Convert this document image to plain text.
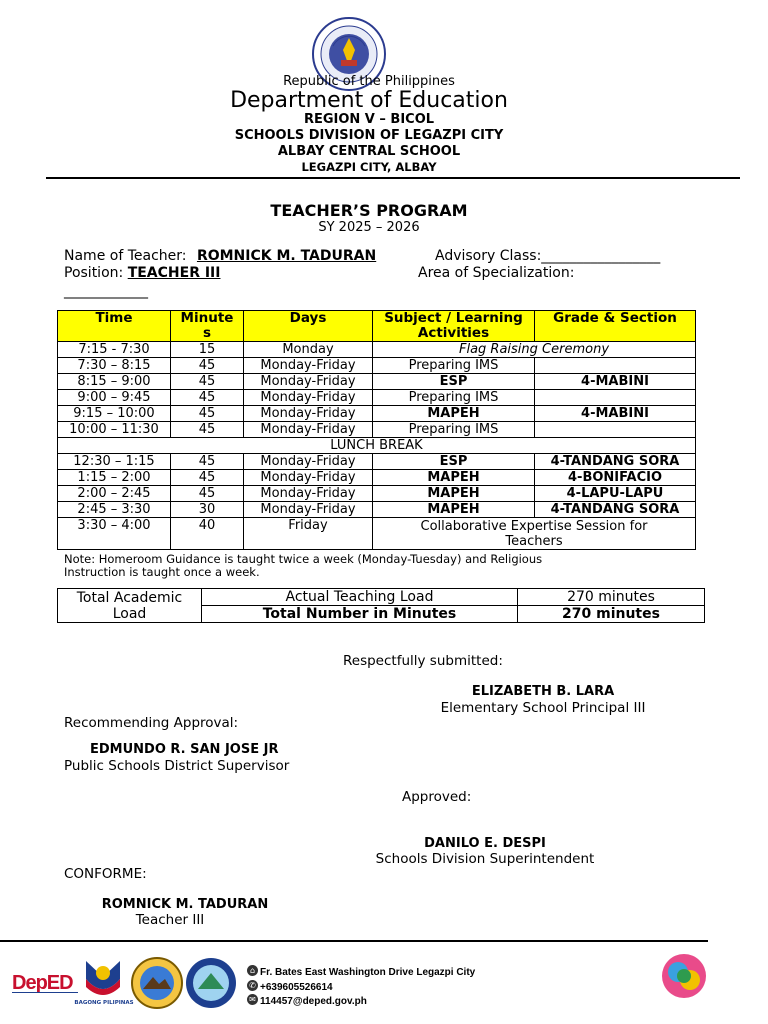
Republic of the Philippines
Department of Education
REGION V – BICOL
SCHOOLS DIVISION OF LEGAZPI CITY
ALBAY CENTRAL SCHOOL
LEGAZPI CITY, ALBAY
TEACHER’S PROGRAM
SY 2025 – 2026
Name of Teacher: ROMNICK M. TADURAN	Advisory Class:_________________
Position: TEACHER III	Area of Specialization:
____________
Time	Minute
s	Days	Subject / Learning
Activities	Grade & Section
7:15 - 7:30	15	Monday	Flag Raising Ceremony	
7:30 – 8:15	45	Monday-Friday	Preparing IMS	
8:15 – 9:00	45	Monday-Friday	ESP	4-MABINI
9:00 – 9:45	45	Monday-Friday	Preparing IMS	
9:15 – 10:00	45	Monday-Friday	MAPEH	4-MABINI
10:00 – 11:30	45	Monday-Friday	Preparing IMS	
LUNCH BREAK				
12:30 – 1:15	45	Monday-Friday	ESP	4-TANDANG SORA
1:15 – 2:00	45	Monday-Friday	MAPEH	4-BONIFACIO
2:00 – 2:45	45	Monday-Friday	MAPEH	4-LAPU-LAPU
2:45 – 3:30	30	Monday-Friday	MAPEH	4-TANDANG SORA
3:30 – 4:00	40	Friday	Collaborative Expertise Session for
Teachers	
Note: Homeroom Guidance is taught twice a week (Monday-Tuesday) and Religious
Instruction is taught once a week.
Total Academic
Load	Actual Teaching Load	270 minutes
	Total Number in Minutes	270 minutes
Respectfully submitted:
ELIZABETH B. LARA
Elementary School Principal III
Recommending Approval:
EDMUNDO R. SAN JOSE JR
Public Schools District Supervisor
Approved:
DANILO E. DESPI
Schools Division Superintendent
CONFORME:
ROMNICK M. TADURAN
Teacher III
DepED
BAGONG PILIPINAS
⌂ Fr. Bates East Washington Drive Legazpi City
✆ +639605526614
✉ 114457@deped.gov.ph
